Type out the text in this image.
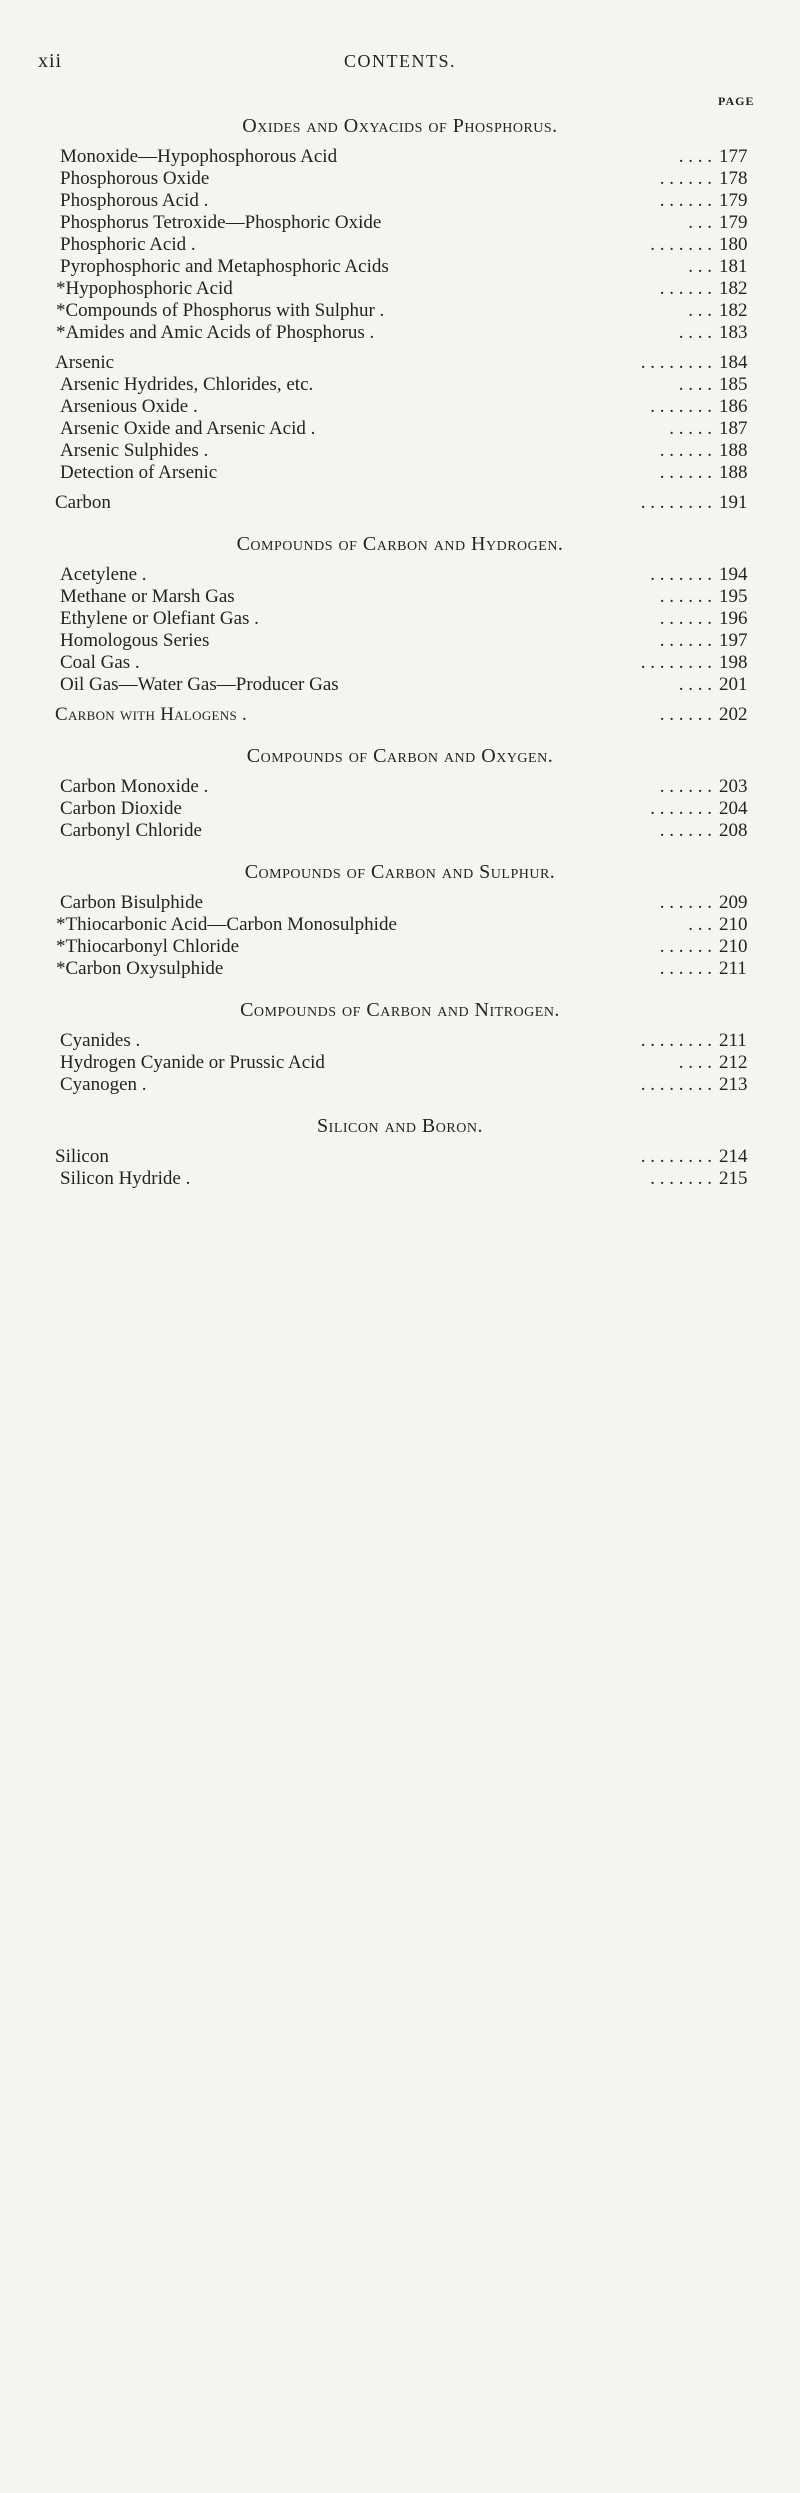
xii	CONTENTS.
PAGE
Oxides and Oxyacids of Phosphorus.
Monoxide—Hypophosphorous Acid	. . . . 177
Phosphorous Oxide	. . . . . . 178
Phosphorous Acid .	. . . . . . 179
Phosphorus Tetroxide—Phosphoric Oxide	. . . 179
Phosphoric Acid .	. . . . . . . 180
Pyrophosphoric and Metaphosphoric Acids	. . . 181
*Hypophosphoric Acid	. . . . . . 182
*Compounds of Phosphorus with Sulphur .	. . . 182
*Amides and Amic Acids of Phosphorus .	. . . . 183
Arsenic	. . . . . . . . 184
Arsenic Hydrides, Chlorides, etc.	. . . . 185
Arsenious Oxide .	. . . . . . . 186
Arsenic Oxide and Arsenic Acid .	. . . . . 187
Arsenic Sulphides .	. . . . . . 188
Detection of Arsenic	. . . . . . 188
Carbon	. . . . . . . . 191
Compounds of Carbon and Hydrogen.
Acetylene .	. . . . . . . 194
Methane or Marsh Gas	. . . . . . 195
Ethylene or Olefiant Gas .	. . . . . . 196
Homologous Series	. . . . . . 197
Coal Gas .	. . . . . . . . 198
Oil Gas—Water Gas—Producer Gas	. . . . 201
Carbon with Halogens .	. . . . . . 202
Compounds of Carbon and Oxygen.
Carbon Monoxide .	. . . . . . 203
Carbon Dioxide	. . . . . . . 204
Carbonyl Chloride	. . . . . . 208
Compounds of Carbon and Sulphur.
Carbon Bisulphide	. . . . . . 209
*Thiocarbonic Acid—Carbon Monosulphide	. . . 210
*Thiocarbonyl Chloride	. . . . . . 210
*Carbon Oxysulphide	. . . . . . 211
Compounds of Carbon and Nitrogen.
Cyanides .	. . . . . . . . 211
Hydrogen Cyanide or Prussic Acid	. . . . 212
Cyanogen .	. . . . . . . . 213
Silicon and Boron.
Silicon	. . . . . . . . 214
Silicon Hydride .	. . . . . . . 215
